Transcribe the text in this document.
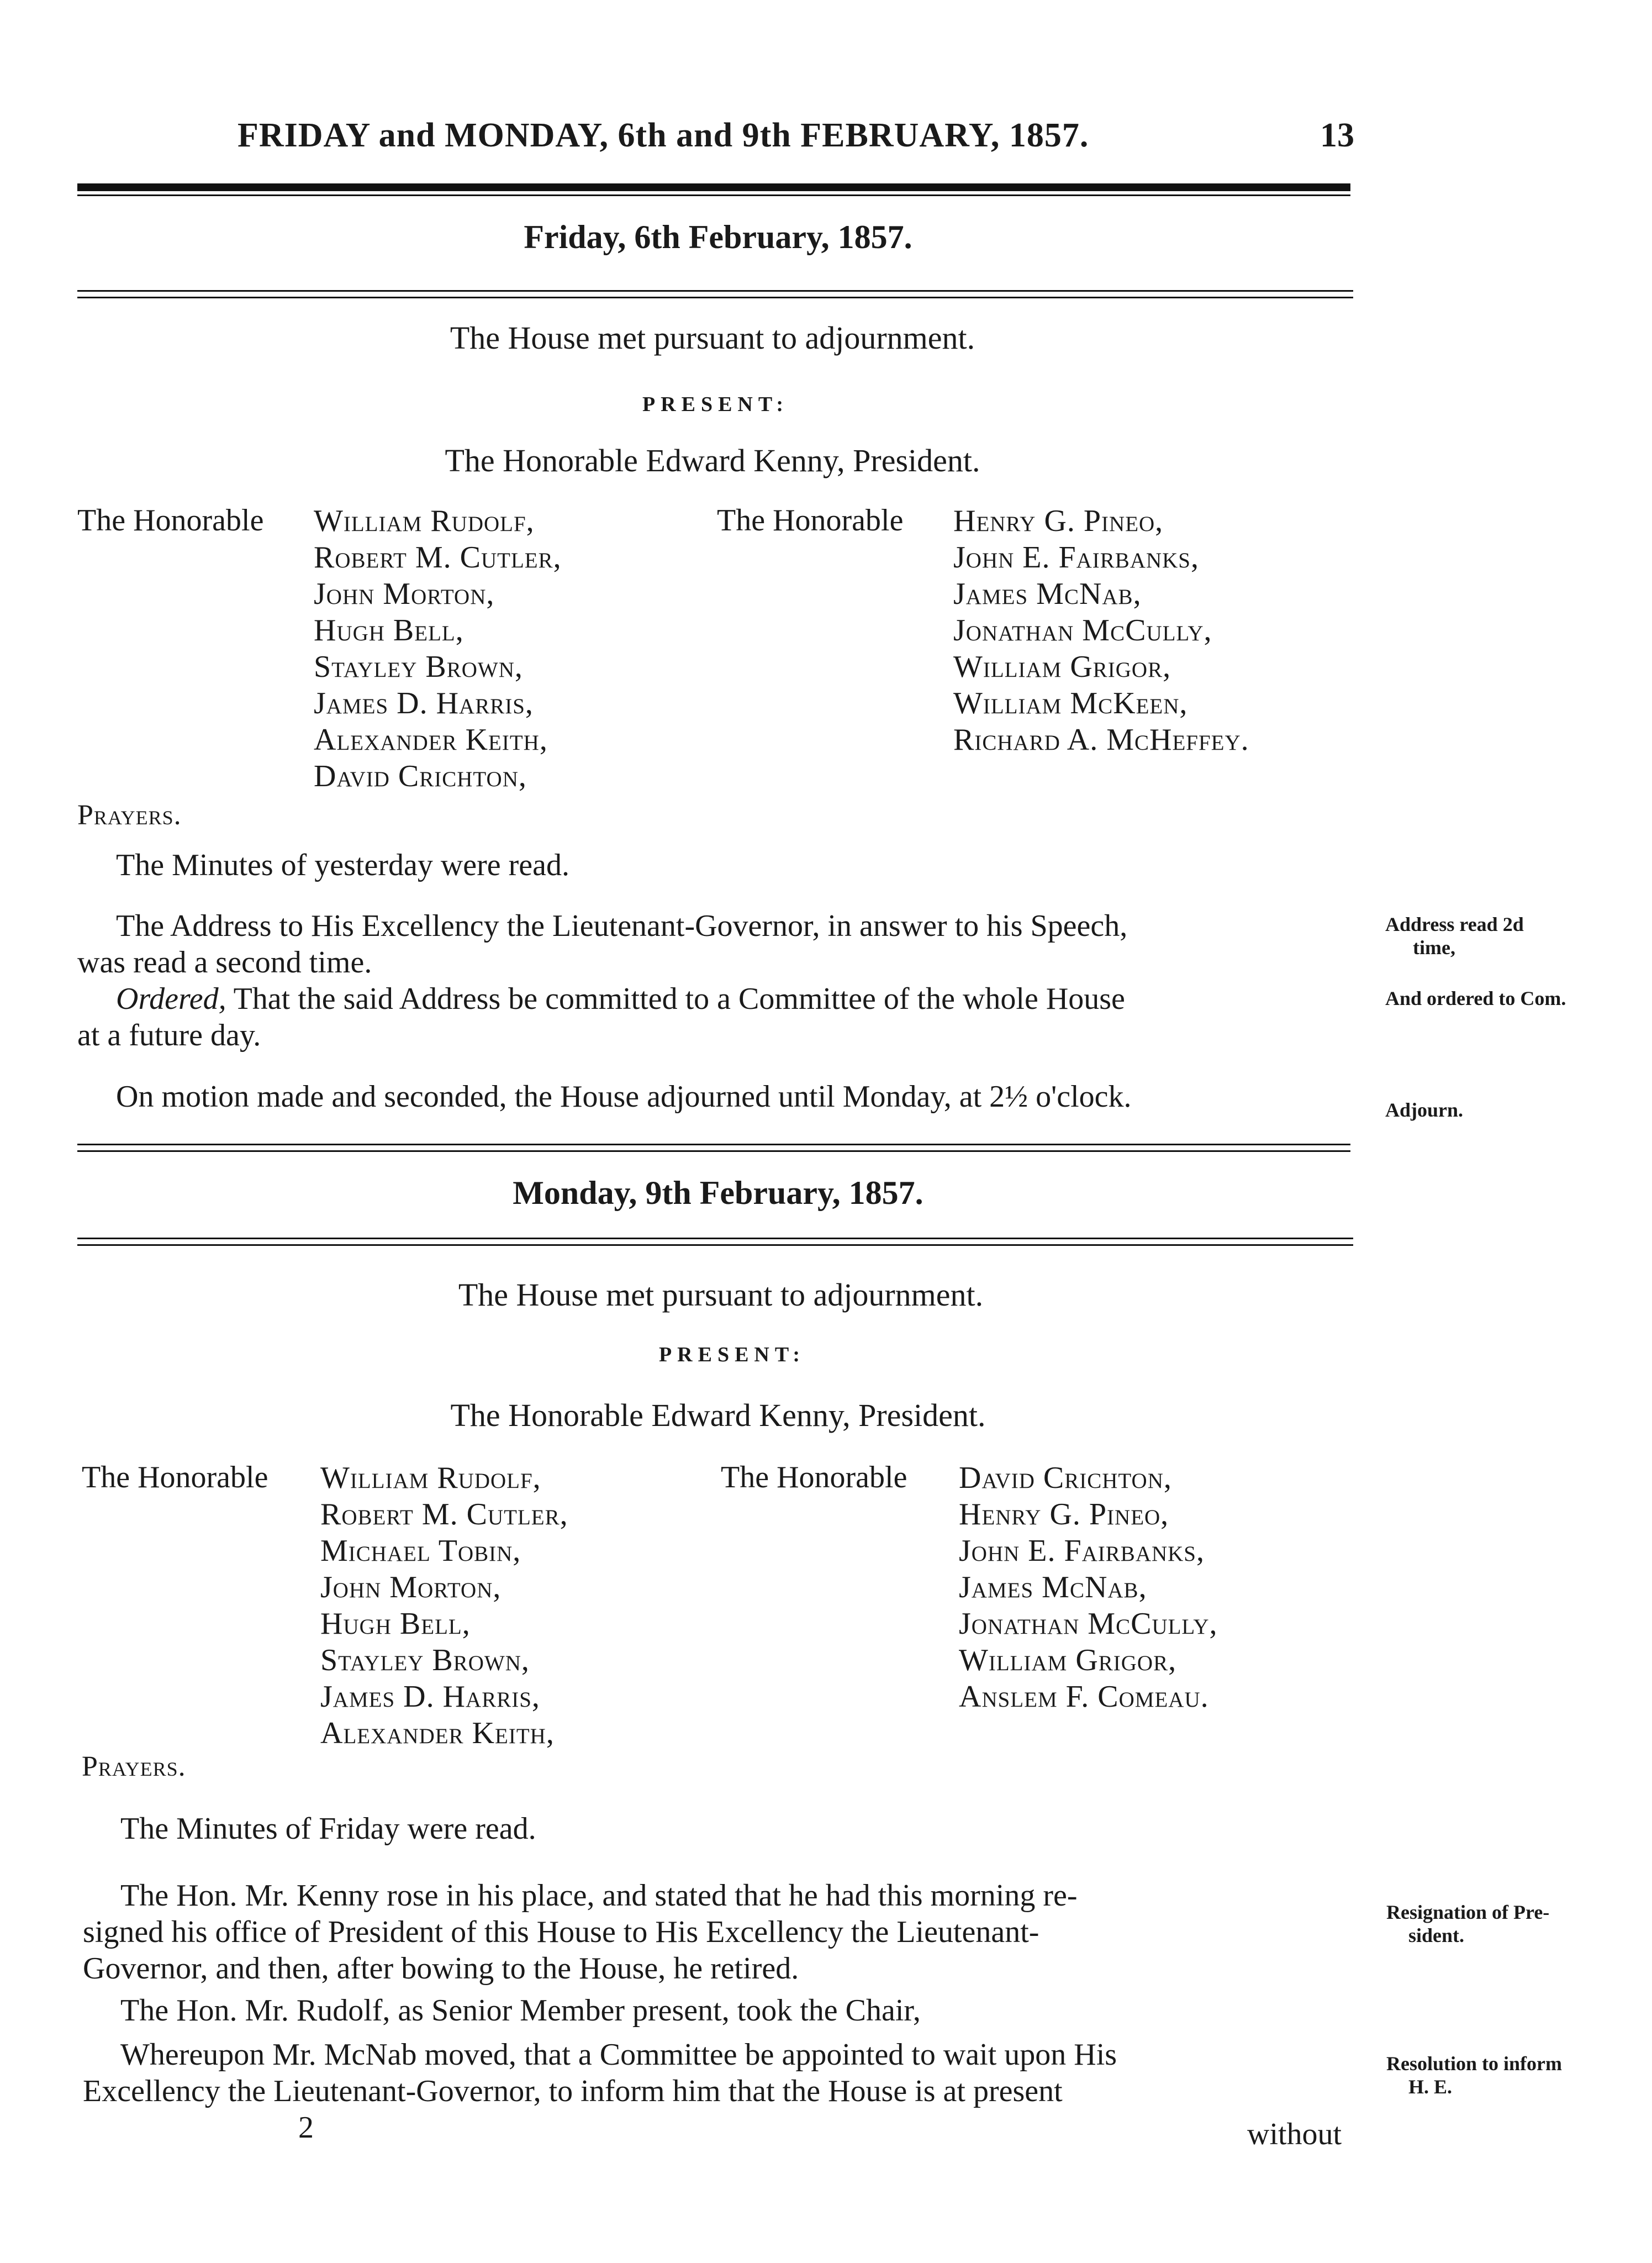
FRIDAY and MONDAY, 6th and 9th FEBRUARY, 1857.	13
Friday, 6th February, 1857.
The House met pursuant to adjournment.
PRESENT:
The Honorable Edward Kenny, President.
The Honorable William Rudolf,
Robert M. Cutler,
John Morton,
Hugh Bell,
Stayley Brown,
James D. Harris,
Alexander Keith,
David Crichton,
The Honorable Henry G. Pineo,
John E. Fairbanks,
James McNab,
Jonathan McCully,
William Grigor,
William McKeen,
Richard A. McHeffey.
Prayers.
The Minutes of yesterday were read.
The Address to His Excellency the Lieutenant-Governor, in answer to his Speech,
was read a second time.
Ordered, That the said Address be committed to a Committee of the whole House
at a future day.
On motion made and seconded, the House adjourned until Monday, at 2½ o'clock.
Address read 2d
time,
And ordered to Com.
Adjourn.
Monday, 9th February, 1857.
The House met pursuant to adjournment.
PRESENT:
The Honorable Edward Kenny, President.
The Honorable William Rudolf,
Robert M. Cutler,
Michael Tobin,
John Morton,
Hugh Bell,
Stayley Brown,
James D. Harris,
Alexander Keith,
The Honorable David Crichton,
Henry G. Pineo,
John E. Fairbanks,
James McNab,
Jonathan McCully,
William Grigor,
Anslem F. Comeau.
Prayers.
The Minutes of Friday were read.
The Hon. Mr. Kenny rose in his place, and stated that he had this morning re-
signed his office of President of this House to His Excellency the Lieutenant-
Governor, and then, after bowing to the House, he retired.
The Hon. Mr. Rudolf, as Senior Member present, took the Chair,
Whereupon Mr. McNab moved, that a Committee be appointed to wait upon His
Excellency the Lieutenant-Governor, to inform him that the House is at present
2	without
Resignation of Pre-
sident.
Resolution to inform
H. E.
